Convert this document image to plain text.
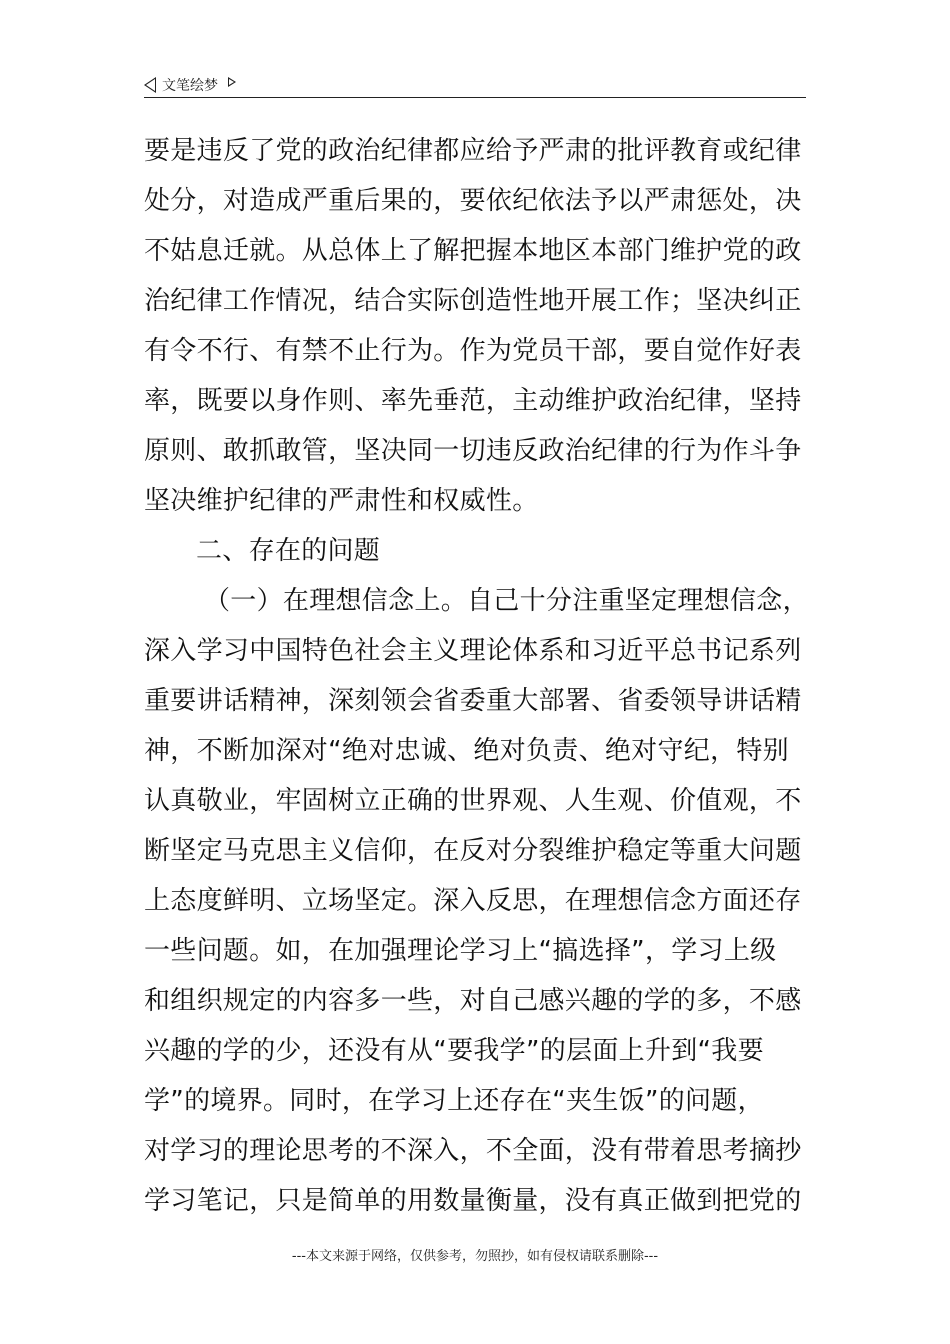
文笔绘梦
要是违反了党的政治纪律都应给予严肃的批评教育或纪律
处分，对造成严重后果的，要依纪依法予以严肃惩处，决
不姑息迁就。从总体上了解把握本地区本部门维护党的政
治纪律工作情况，结合实际创造性地开展工作；坚决纠正
有令不行、有禁不止行为。作为党员干部，要自觉作好表
率，既要以身作则、率先垂范，主动维护政治纪律，坚持
原则、敢抓敢管，坚决同一切违反政治纪律的行为作斗争
坚决维护纪律的严肃性和权威性。
二、存在的问题
（一）在理想信念上。自己十分注重坚定理想信念，
深入学习中国特色社会主义理论体系和习近平总书记系列
重要讲话精神，深刻领会省委重大部署、省委领导讲话精
神，不断加深对“绝对忠诚、绝对负责、绝对守纪，特别
认真敬业，牢固树立正确的世界观、人生观、价值观，不
断坚定马克思主义信仰，在反对分裂维护稳定等重大问题
上态度鲜明、立场坚定。深入反思，在理想信念方面还存
一些问题。如，在加强理论学习上“搞选择”，学习上级
和组织规定的内容多一些，对自己感兴趣的学的多，不感
兴趣的学的少，还没有从“要我学”的层面上升到“我要
学”的境界。同时，在学习上还存在“夹生饭”的问题，
对学习的理论思考的不深入，不全面，没有带着思考摘抄
学习笔记，只是简单的用数量衡量，没有真正做到把党的
---本文来源于网络，仅供参考，勿照抄，如有侵权请联系删除---
